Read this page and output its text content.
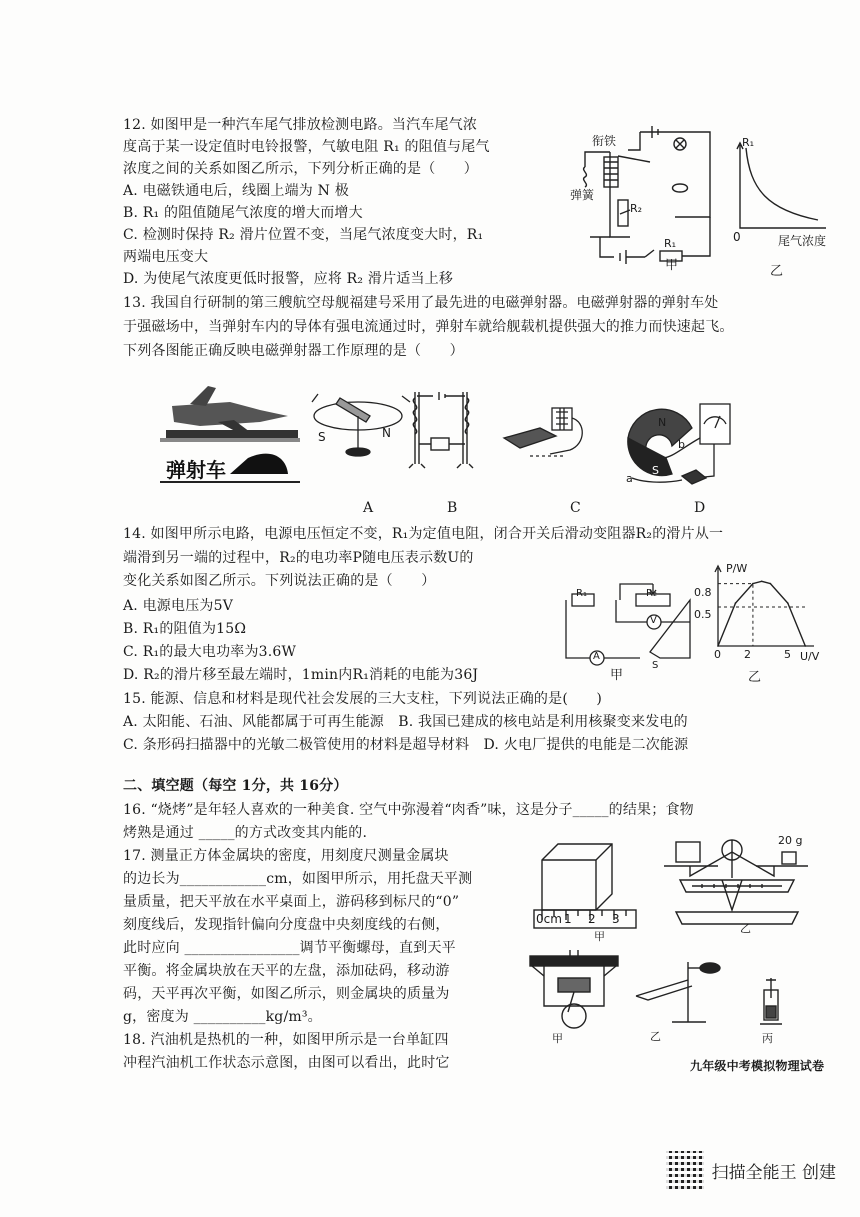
12. 如图甲是一种汽车尾气排放检测电路。当汽车尾气浓
度高于某一设定值时电铃报警，气敏电阻 R₁ 的阻值与尾气
浓度之间的关系如图乙所示，下列分析正确的是（　　）
A. 电磁铁通电后，线圈上端为 N 极
B. R₁ 的阻值随尾气浓度的增大而增大
C. 检测时保持 R₂ 滑片位置不变，当尾气浓度变大时，R₁
两端电压变大
D. 为使尾气浓度更低时报警，应将 R₂ 滑片适当上移
衔铁
弹簧
R₂
R₁
甲
R₁
0	尾气浓度
乙
13. 我国自行研制的第三艘航空母舰福建号采用了最先进的电磁弹射器。电磁弹射器的弹射车处
于强磁场中，当弹射车内的导体有强电流通过时，弹射车就给舰载机提供强大的推力而快速起飞。
下列各图能正确反映电磁弹射器工作原理的是（　　）
弹射车
S	N
N
S
a
b
A	B	C	D
14. 如图甲所示电路，电源电压恒定不变，R₁为定值电阻，闭合开关后滑动变阻器R₂的滑片从一
端滑到另一端的过程中，R₂的电功率P随电压表示数U的
变化关系如图乙所示。下列说法正确的是（　　）
A. 电源电压为5V
B. R₁的阻值为15Ω
C. R₁的最大电功率为3.6W
D. R₂的滑片移至最左端时，1min内R₁消耗的电能为36J
R₁	R₂
V
A
S
甲
P/W
U/V
0.8
0.5
0 2	5
乙
15. 能源、信息和材料是现代社会发展的三大支柱，下列说法正确的是(　　)
A. 太阳能、石油、风能都属于可再生能源　B. 我国已建成的核电站是利用核聚变来发电的
C. 条形码扫描器中的光敏二极管使用的材料是超导材料　D. 火电厂提供的电能是二次能源
二、填空题（每空 1分，共 16分）
16. “烧烤”是年轻人喜欢的一种美食. 空气中弥漫着“肉香”味，这是分子_____的结果；食物
烤熟是通过 _____的方式改变其内能的.
17. 测量正方体金属块的密度，用刻度尺测量金属块
的边长为____________cm，如图甲所示，用托盘天平测
量质量，把天平放在水平桌面上，游码移到标尺的“0”
刻度线后，发现指针偏向分度盘中央刻度线的右侧，
此时应向 ________________调节平衡螺母，直到天平
平衡。将金属块放在天平的左盘，添加砝码，移动游
码，天平再次平衡，如图乙所示，则金属块的质量为
g，密度为 __________kg/m³。
18. 汽油机是热机的一种，如图甲所示是一台单缸四
冲程汽油机工作状态示意图，由图可以看出，此时它
0cm 1 2 3
甲
20 g
乙
甲	乙	丙
九年级中考模拟物理试卷
扫描全能王 创建
